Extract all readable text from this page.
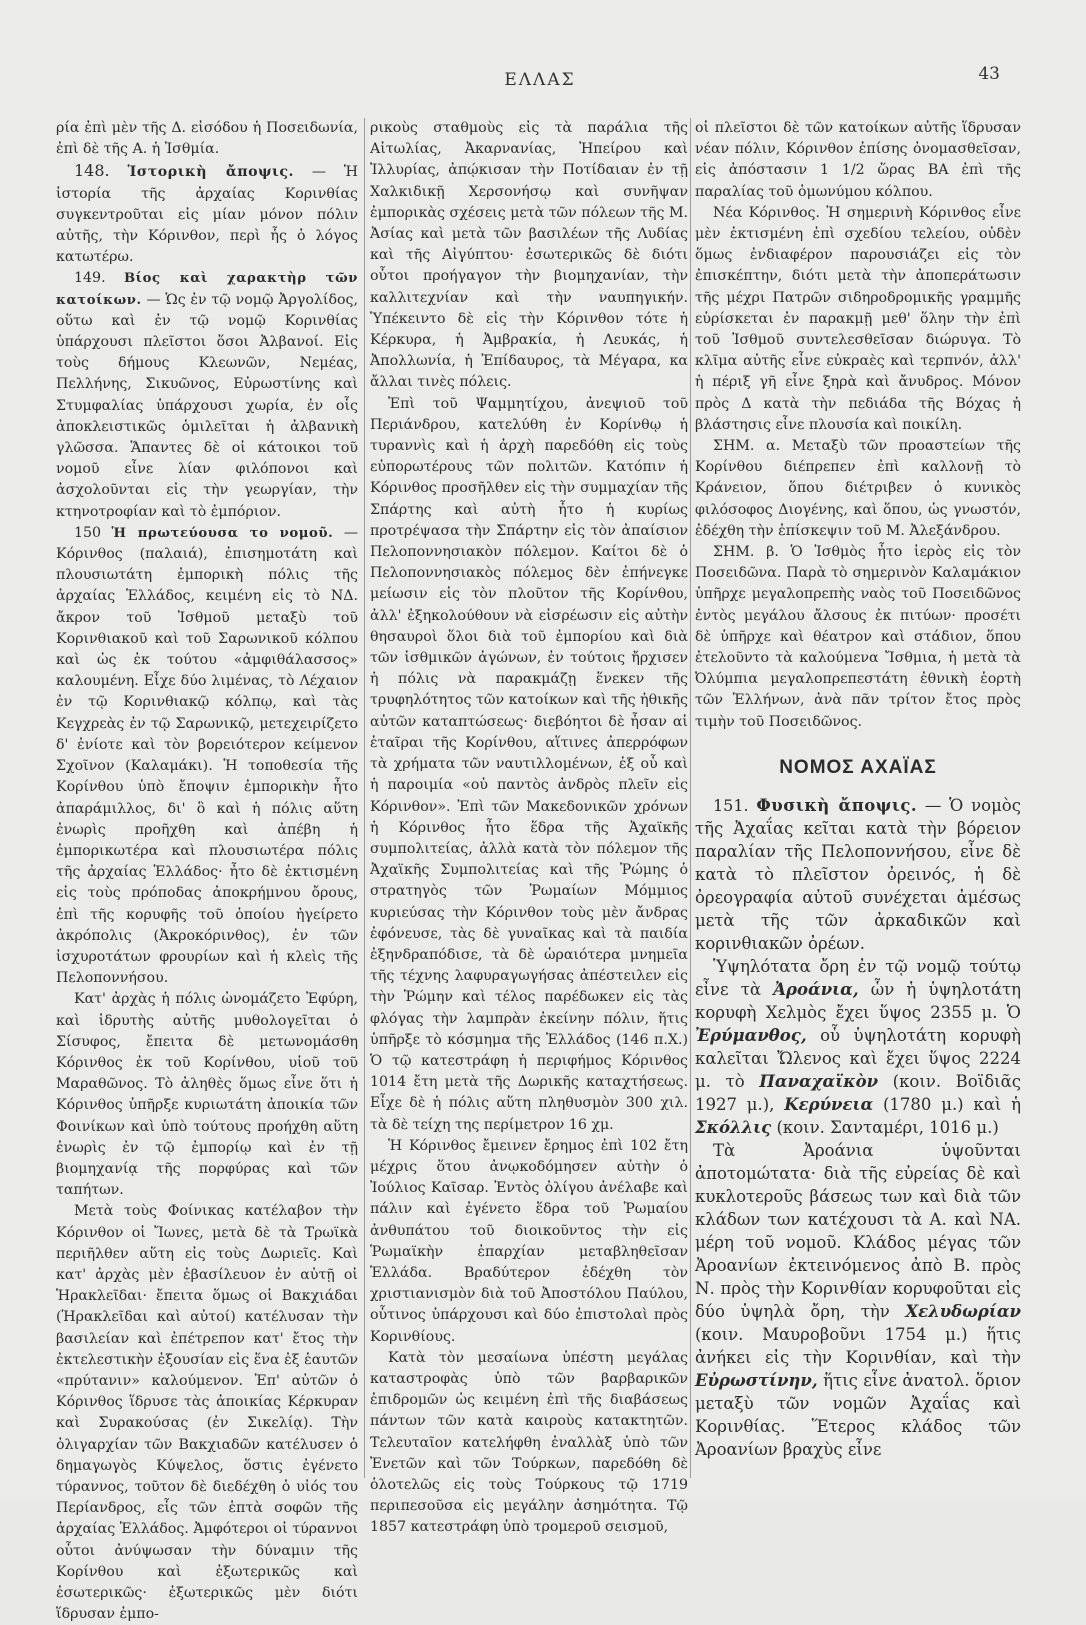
ΕΛΛΑΣ	43

ρία ἐπὶ μὲν τῆς Δ. εἰσόδου ἡ Ποσειδωνία, ἐπὶ δὲ τῆς Α. ἡ Ἰσθμία.

148. Ἱστορικὴ ἄποψις. — Ἡ ἱστορία τῆς ἀρχαίας Κορινθίας συγκεντροῦται εἰς μίαν μόνον πόλιν αὐτῆς, τὴν Κόρινθον, περὶ ἧς ὁ λόγος κατωτέρω.

149. Βίος καὶ χαρακτὴρ τῶν κατοίκων. — Ὡς ἐν τῷ νομῷ Ἀργολίδος, οὕτω καὶ ἐν τῷ νομῷ Κορινθίας ὑπάρχουσι πλεῖστοι ὅσοι Ἀλβανοί. Εἰς τοὺς δήμους Κλεωνῶν, Νεμέας, Πελλήνης, Σικυῶνος, Εὐρωστίνης καὶ Στυμφαλίας ὑπάρχουσι χωρία, ἐν οἷς ἀποκλειστικῶς ὁμιλεῖται ἡ ἀλβανικὴ γλῶσσα. Ἅπαντες δὲ οἱ κάτοικοι τοῦ νομοῦ εἶνε λίαν φιλόπονοι καὶ ἀσχολοῦνται εἰς τὴν γεωργίαν, τὴν κτηνοτροφίαν καὶ τὸ ἐμπόριον.

150 Ἡ πρωτεύουσα το νομοῦ. — Κόρινθος (παλαιά), ἐπισημοτάτη καὶ πλουσιωτάτη ἐμπορικὴ πόλις τῆς ἀρχαίας Ἑλλάδος, κειμένη εἰς τὸ ΝΔ. ἄκρον τοῦ Ἰσθμοῦ μεταξὺ τοῦ Κορινθιακοῦ καὶ τοῦ Σαρωνικοῦ κόλπου καὶ ὡς ἐκ τούτου «ἀμφιθάλασσος» καλουμένη. Εἶχε δύο λιμένας, τὸ Λέχαιον ἐν τῷ Κορινθιακῷ κόλπῳ, καὶ τὰς Κεγχρεὰς ἐν τῷ Σαρωνικῷ, μετεχειρίζετο δ' ἐνίοτε καὶ τὸν βορειότερον κείμενον Σχοῖνον (Καλαμάκι). Ἡ τοποθεσία τῆς Κορίνθου ὑπὸ ἔποψιν ἐμπορικὴν ἦτο ἀπαράμιλλος, δι' ὃ καὶ ἡ πόλις αὕτη ἐνωρὶς προῆχθη καὶ ἀπέβη ἡ ἐμπορικωτέρα καὶ πλουσιωτέρα πόλις τῆς ἀρχαίας Ἑλλάδος· ἦτο δὲ ἐκτισμένη εἰς τοὺς πρόποδας ἀποκρήμνου ὄρους, ἐπὶ τῆς κορυφῆς τοῦ ὁποίου ἠγείρετο ἀκρόπολις (Ἀκροκόρινθος), ἐν τῶν ἰσχυροτάτων φρουρίων καὶ ἡ κλεὶς τῆς Πελοποννήσου.

Κατ' ἀρχὰς ἡ πόλις ὠνομάζετο Ἐφύρη, καὶ ἱδρυτὴς αὐτῆς μυθολογεῖται ὁ Σίσυφος, ἔπειτα δὲ μετωνομάσθη Κόρινθος ἐκ τοῦ Κορίνθου, υἱοῦ τοῦ Μαραθῶνος. Τὸ ἀληθὲς ὅμως εἶνε ὅτι ἡ Κόρινθος ὑπῆρξε κυριωτάτη ἀποικία τῶν Φοινίκων καὶ ὑπὸ τούτους προήχθη αὕτη ἐνωρὶς ἐν τῷ ἐμπορίῳ καὶ ἐν τῇ βιομηχανίᾳ τῆς πορφύρας καὶ τῶν ταπήτων.

Μετὰ τοὺς Φοίνικας κατέλαβον τὴν Κόρινθον οἱ Ἴωνες, μετὰ δὲ τὰ Τρωϊκὰ περιῆλθεν αὕτη εἰς τοὺς Δωριεῖς. Καὶ κατ' ἀρχὰς μὲν ἐβασίλευον ἐν αὐτῇ οἱ Ἡρακλεῖδαι· ἔπειτα ὅμως οἱ Βακχιάδαι (Ἡρακλεῖδαι καὶ αὐτοί) κατέλυσαν τὴν βασιλείαν καὶ ἐπέτρεπον κατ' ἔτος τὴν ἐκτελεστικὴν ἐξουσίαν εἰς ἕνα ἐξ ἑαυτῶν «πρύτανιν» καλούμενον. Ἐπ' αὐτῶν ὁ Κόρινθος ἵδρυσε τὰς ἀποικίας Κέρκυραν καὶ Συρακούσας (ἐν Σικελίᾳ). Τὴν ὀλιγαρχίαν τῶν Βακχιαδῶν κατέλυσεν ὁ δημαγωγὸς Κύψελος, ὅστις ἐγένετο τύραννος, τοῦτον δὲ διεδέχθη ὁ υἱός του Περίανδρος, εἷς τῶν ἑπτὰ σοφῶν τῆς ἀρχαίας Ἑλλάδος. Ἀμφότεροι οἱ τύραννοι οὗτοι ἀνύψωσαν τὴν δύναμιν τῆς Κορίνθου καὶ ἐξωτερικῶς καὶ ἐσωτερικῶς· ἐξωτερικῶς μὲν διότι ἵδρυσαν ἐμπο-

ρικοὺς σταθμοὺς εἰς τὰ παράλια τῆς Αἰτωλίας, Ἀκαρνανίας, Ἠπείρου καὶ Ἰλλυρίας, ἀπῴκισαν τὴν Ποτίδαιαν ἐν τῇ Χαλκιδικῇ Χερσονήσῳ καὶ συνῆψαν ἐμπορικὰς σχέσεις μετὰ τῶν πόλεων τῆς Μ. Ἀσίας καὶ μετὰ τῶν βασιλέων τῆς Λυδίας καὶ τῆς Αἰγύπτου· ἐσωτερικῶς δὲ διότι οὗτοι προήγαγον τὴν βιομηχανίαν, τὴν καλλιτεχνίαν καὶ τὴν ναυπηγικήν. Ὑπέκειντο δὲ εἰς τὴν Κόρινθον τότε ἡ Κέρκυρα, ἡ Ἀμβρακία, ἡ Λευκάς, ἡ Ἀπολλωνία, ἡ Ἐπίδαυρος, τὰ Μέγαρα, κα ἄλλαι τινὲς πόλεις.

Ἐπὶ τοῦ Ψαμμητίχου, ἀνεψιοῦ τοῦ Περιάνδρου, κατελύθη ἐν Κορίνθῳ ἡ τυραννὶς καὶ ἡ ἀρχὴ παρεδόθη εἰς τοὺς εὐπορωτέρους τῶν πολιτῶν. Κατόπιν ἡ Κόρινθος προσῆλθεν εἰς τὴν συμμαχίαν τῆς Σπάρτης καὶ αὐτὴ ἦτο ἡ κυρίως προτρέψασα τὴν Σπάρτην εἰς τὸν ἀπαίσιον Πελοποννησιακὸν πόλεμον. Καίτοι δὲ ὁ Πελοποννησιακὸς πόλεμος δὲν ἐπήνεγκε μείωσιν εἰς τὸν πλοῦτον τῆς Κορίνθου, ἀλλ' ἐξηκολούθουν νὰ εἰσρέωσιν εἰς αὐτὴν θησαυροὶ ὅλοι διὰ τοῦ ἐμπορίου καὶ διὰ τῶν ἰσθμικῶν ἀγώνων, ἐν τούτοις ἤρχισεν ἡ πόλις νὰ παρακμάζῃ ἕνεκεν τῆς τρυφηλότητος τῶν κατοίκων καὶ τῆς ἠθικῆς αὐτῶν καταπτώσεως· διεβόητοι δὲ ἦσαν αἱ ἑταῖραι τῆς Κορίνθου, αἵτινες ἀπερρόφων τὰ χρήματα τῶν ναυτιλλομένων, ἐξ οὗ καὶ ἡ παροιμία «οὐ παντὸς ἀνδρὸς πλεῖν εἰς Κόρινθον». Ἐπὶ τῶν Μακεδονικῶν χρόνων ἡ Κόρινθος ἦτο ἕδρα τῆς Ἀχαϊκῆς συμπολιτείας, ἀλλὰ κατὰ τὸν πόλεμον τῆς Ἀχαϊκῆς Συμπολιτείας καὶ τῆς Ῥώμης ὁ στρατηγὸς τῶν Ῥωμαίων Μόμμιος κυριεύσας τὴν Κόρινθον τοὺς μὲν ἄνδρας ἐφόνευσε, τὰς δὲ γυναῖκας καὶ τὰ παιδία ἐξηνδραπόδισε, τὰ δὲ ὡραιότερα μνημεῖα τῆς τέχνης λαφυραγωγήσας ἀπέστειλεν εἰς τὴν Ῥώμην καὶ τέλος παρέδωκεν εἰς τὰς φλόγας τὴν λαμπρὰν ἐκείνην πόλιν, ἥτις ὑπῆρξε τὸ κόσμημα τῆς Ἑλλάδος (146 π.Χ.) Ὁ τῷ κατεστράφη ἡ περιφήμος Κόρινθος 1014 ἔτη μετὰ τῆς Δωρικῆς καταχτήσεως. Εἶχε δὲ ἡ πόλις αὕτη πληθυσμὸν 300 χιλ. τὰ δὲ τείχη της περίμετρον 16 χμ.

Ἡ Κόρινθος ἔμεινεν ἔρημος ἐπὶ 102 ἔτη μέχρις ὅτου ἀνῳκοδόμησεν αὐτὴν ὁ Ἰούλιος Καῖσαρ. Ἐντὸς ὀλίγου ἀνέλαβε καὶ πάλιν καὶ ἐγένετο ἕδρα τοῦ Ῥωμαίου ἀνθυπάτου τοῦ διοικοῦντος τὴν εἰς Ῥωμαϊκὴν ἐπαρχίαν μεταβληθεῖσαν Ἑλλάδα. Βραδύτερον ἐδέχθη τὸν χριστιανισμὸν διὰ τοῦ Ἀποστόλου Παύλου, οὗτινος ὑπάρχουσι καὶ δύο ἐπιστολαὶ πρὸς Κορινθίους.

Κατὰ τὸν μεσαίωνα ὑπέστη μεγάλας καταστροφὰς ὑπὸ τῶν βαρβαρικῶν ἐπιδρομῶν ὡς κειμένη ἐπὶ τῆς διαβάσεως πάντων τῶν κατὰ καιροὺς κατακτητῶν. Τελευταῖον κατελήφθη ἐναλλὰξ ὑπὸ τῶν Ἐνετῶν καὶ τῶν Τούρκων, παρεδόθη δὲ ὁλοτελῶς εἰς τοὺς Τούρκους τῷ 1719 περιπεσοῦσα εἰς μεγάλην ἀσημότητα. Τῷ 1857 κατεστράφη ὑπὸ τρομεροῦ σεισμοῦ,

οἱ πλεῖστοι δὲ τῶν κατοίκων αὐτῆς ἵδρυσαν νέαν πόλιν, Κόρινθον ἐπίσης ὀνομασθεῖσαν, εἰς ἀπόστασιν 1 1/2 ὥρας ΒΑ ἐπὶ τῆς παραλίας τοῦ ὁμωνύμου κόλπου.

Νέα Κόρινθος. Ἡ σημερινὴ Κόρινθος εἶνε μὲν ἐκτισμένη ἐπὶ σχεδίου τελείου, οὐδὲν ὅμως ἐνδιαφέρον παρουσιάζει εἰς τὸν ἐπισκέπτην, διότι μετὰ τὴν ἀποπεράτωσιν τῆς μέχρι Πατρῶν σιδηροδρομικῆς γραμμῆς εὑρίσκεται ἐν παρακμῇ μεθ' ὅλην τὴν ἐπὶ τοῦ Ἰσθμοῦ συντελεσθεῖσαν διώρυγα. Τὸ κλῖμα αὐτῆς εἶνε εὐκραὲς καὶ τερπνόν, ἀλλ' ἡ πέριξ γῆ εἶνε ξηρὰ καὶ ἄνυδρος. Μόνον πρὸς Δ κατὰ τὴν πεδιάδα τῆς Βόχας ἡ βλάστησις εἶνε πλουσία καὶ ποικίλη.

ΣΗΜ. α. Μεταξὺ τῶν προαστείων τῆς Κορίνθου διέπρεπεν ἐπὶ καλλονῇ τὸ Κράνειον, ὅπου διέτριβεν ὁ κυνικὸς φιλόσοφος Διογένης, καὶ ὅπου, ὡς γνωστόν, ἐδέχθη τὴν ἐπίσκεψιν τοῦ Μ. Ἀλεξάνδρου.

ΣΗΜ. β. Ὁ Ἰσθμὸς ἦτο ἱερὸς εἰς τὸν Ποσειδῶνα. Παρὰ τὸ σημερινὸν Καλαμάκιον ὑπῆρχε μεγαλοπρεπὴς ναὸς τοῦ Ποσειδῶνος ἐντὸς μεγάλου ἄλσους ἐκ πιτύων· προσέτι δὲ ὑπῆρχε καὶ θέατρον καὶ στάδιον, ὅπου ἐτελοῦντο τὰ καλούμενα Ἴσθμια, ἡ μετὰ τὰ Ὀλύμπια μεγαλοπρεπεστάτη ἐθνικὴ ἑορτὴ τῶν Ἑλλήνων, ἀνὰ πᾶν τρίτον ἔτος πρὸς τιμὴν τοῦ Ποσειδῶνος.

ΝΟΜΟΣ ΑΧΑΪΑΣ

151. Φυσικὴ ἄποψις. — Ὁ νομὸς τῆς Ἀχαΐας κεῖται κατὰ τὴν βόρειον παραλίαν τῆς Πελοποννήσου, εἶνε δὲ κατὰ τὸ πλεῖστον ὀρεινός, ἡ δὲ ὀρεογραφία αὐτοῦ συνέχεται ἀμέσως μετὰ τῆς τῶν ἀρκαδικῶν καὶ κορινθιακῶν ὀρέων.

Ὑψηλότατα ὄρη ἐν τῷ νομῷ τούτῳ εἶνε τὰ Ἀροάνια, ὧν ἡ ὑψηλοτάτη κορυφὴ Χελμὸς ἔχει ὕψος 2355 μ. Ὁ Ἐρύμανθος, οὗ ὑψηλοτάτη κορυφὴ καλεῖται Ὤλενος καὶ ἔχει ὕψος 2224 μ. τὸ Παναχαϊκὸν (κοιν. Βοϊδιᾶς 1927 μ.), Κερύνεια (1780 μ.) καὶ ἡ Σκόλλις (κοιν. Σανταμέρι, 1016 μ.)

Τὰ Ἀροάνια ὑψοῦνται ἀποτομώτατα· διὰ τῆς εὐρείας δὲ καὶ κυκλοτεροῦς βάσεως των καὶ διὰ τῶν κλάδων των κατέχουσι τὰ Α. καὶ ΝΑ. μέρη τοῦ νομοῦ. Κλάδος μέγας τῶν Ἀροανίων ἐκτεινόμενος ἀπὸ Β. πρὸς Ν. πρὸς τὴν Κορινθίαν κορυφοῦται εἰς δύο ὑψηλὰ ὄρη, τὴν Χελυδωρίαν (κοιν. Μαυροβοῦνι 1754 μ.) ἥτις ἀνήκει εἰς τὴν Κορινθίαν, καὶ τὴν Εὐρωστίνην, ἥτις εἶνε ἀνατολ. ὅριον μεταξὺ τῶν νομῶν Ἀχαΐας καὶ Κορινθίας. Ἕτερος κλάδος τῶν Ἀροανίων βραχὺς εἶνε
